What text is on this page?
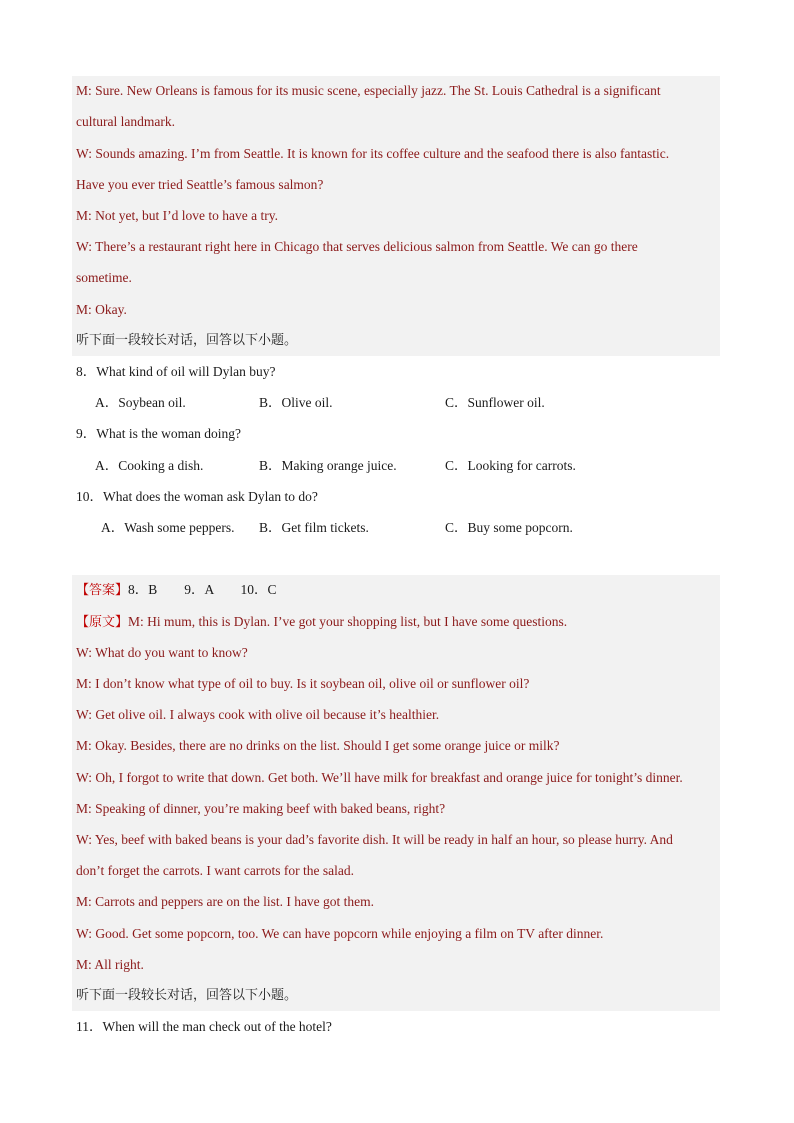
M: Sure. New Orleans is famous for its music scene, especially jazz. The St. Louis Cathedral is a significant
cultural landmark.
W: Sounds amazing. I’m from Seattle. It is known for its coffee culture and the seafood there is also fantastic.
Have you ever tried Seattle’s famous salmon?
M: Not yet, but I’d love to have a try.
W: There’s a restaurant right here in Chicago that serves delicious salmon from Seattle. We can go there
sometime.
M: Okay.
听下面一段较长对话，回答以下小题。
8．What kind of oil will Dylan buy?
A．Soybean oil.	B．Olive oil.	C．Sunflower oil.
9．What is the woman doing?
A．Cooking a dish.	B．Making orange juice.	C．Looking for carrots.
10．What does the woman ask Dylan to do?
A．Wash some peppers. B．Get film tickets.	C．Buy some popcorn.
【答案】8．B        9．A        10．C
【原文】M: Hi mum, this is Dylan. I’ve got your shopping list, but I have some questions.
W: What do you want to know?
M: I don’t know what type of oil to buy. Is it soybean oil, olive oil or sunflower oil?
W: Get olive oil. I always cook with olive oil because it’s healthier.
M: Okay. Besides, there are no drinks on the list. Should I get some orange juice or milk?
W: Oh, I forgot to write that down. Get both. We’ll have milk for breakfast and orange juice for tonight’s dinner.
M: Speaking of dinner, you’re making beef with baked beans, right?
W: Yes, beef with baked beans is your dad’s favorite dish. It will be ready in half an hour, so please hurry. And
don’t forget the carrots. I want carrots for the salad.
M: Carrots and peppers are on the list. I have got them.
W: Good. Get some popcorn, too. We can have popcorn while enjoying a film on TV after dinner.
M: All right.
听下面一段较长对话，回答以下小题。
11．When will the man check out of the hotel?
